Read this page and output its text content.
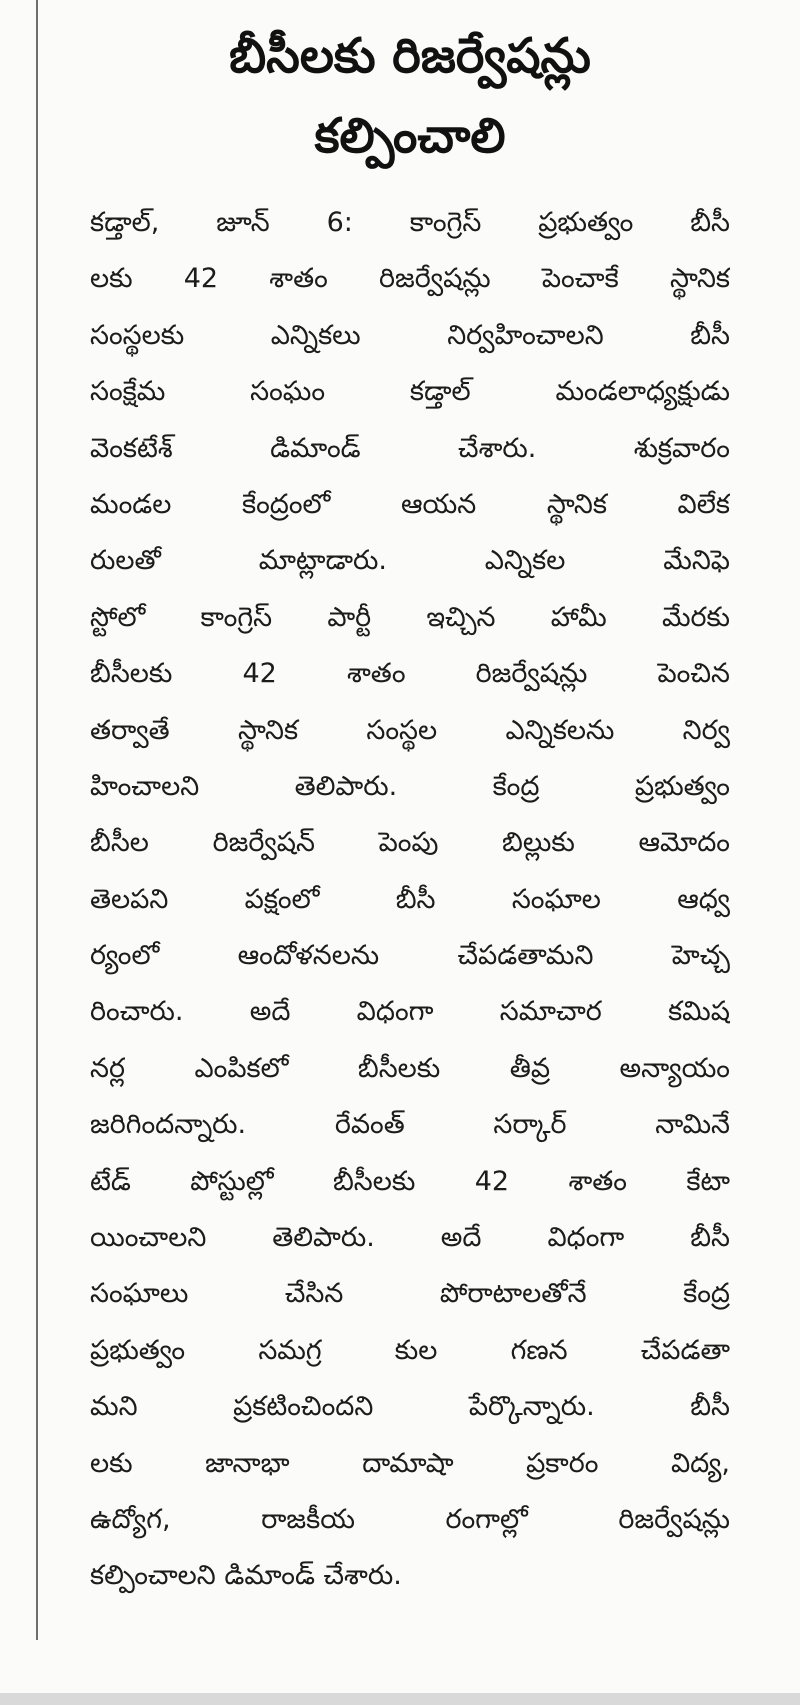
బీసీలకు రిజర్వేషన్లు
కల్పించాలి
కడ్తాల్, జూన్ 6: కాంగ్రెస్ ప్రభుత్వం బీసీ
లకు 42 శాతం రిజర్వేషన్లు పెంచాకే స్థానిక
సంస్థలకు ఎన్నికలు నిర్వహించాలని బీసీ
సంక్షేమ సంఘం కడ్తాల్ మండలాధ్యక్షుడు
వెంకటేశ్ డిమాండ్ చేశారు. శుక్రవారం
మండల కేంద్రంలో ఆయన స్థానిక విలేక
రులతో మాట్లాడారు. ఎన్నికల మేనిఫె
స్టోలో కాంగ్రెస్ పార్టీ ఇచ్చిన హామీ మేరకు
బీసీలకు 42 శాతం రిజర్వేషన్లు పెంచిన
తర్వాతే స్థానిక సంస్థల ఎన్నికలను నిర్వ
హించాలని తెలిపారు. కేంద్ర ప్రభుత్వం
బీసీల రిజర్వేషన్ పెంపు బిల్లుకు ఆమోదం
తెలపని పక్షంలో బీసీ సంఘాల ఆధ్వ
ర్యంలో ఆందోళనలను చేపడతామని హెచ్చ
రించారు. అదే విధంగా సమాచార కమిష
నర్ల ఎంపికలో బీసీలకు తీవ్ర అన్యాయం
జరిగిందన్నారు. రేవంత్ సర్కార్ నామినే
టేడ్ పోస్టుల్లో బీసీలకు 42 శాతం కేటా
యించాలని తెలిపారు. అదే విధంగా బీసీ
సంఘాలు చేసిన పోరాటాలతోనే కేంద్ర
ప్రభుత్వం సమగ్ర కుల గణన చేపడతా
మని ప్రకటించిందని పేర్కొన్నారు. బీసీ
లకు జానాభా దామాషా ప్రకారం విద్య,
ఉద్యోగ, రాజకీయ రంగాల్లో రిజర్వేషన్లు
కల్పించాలని డిమాండ్ చేశారు.
